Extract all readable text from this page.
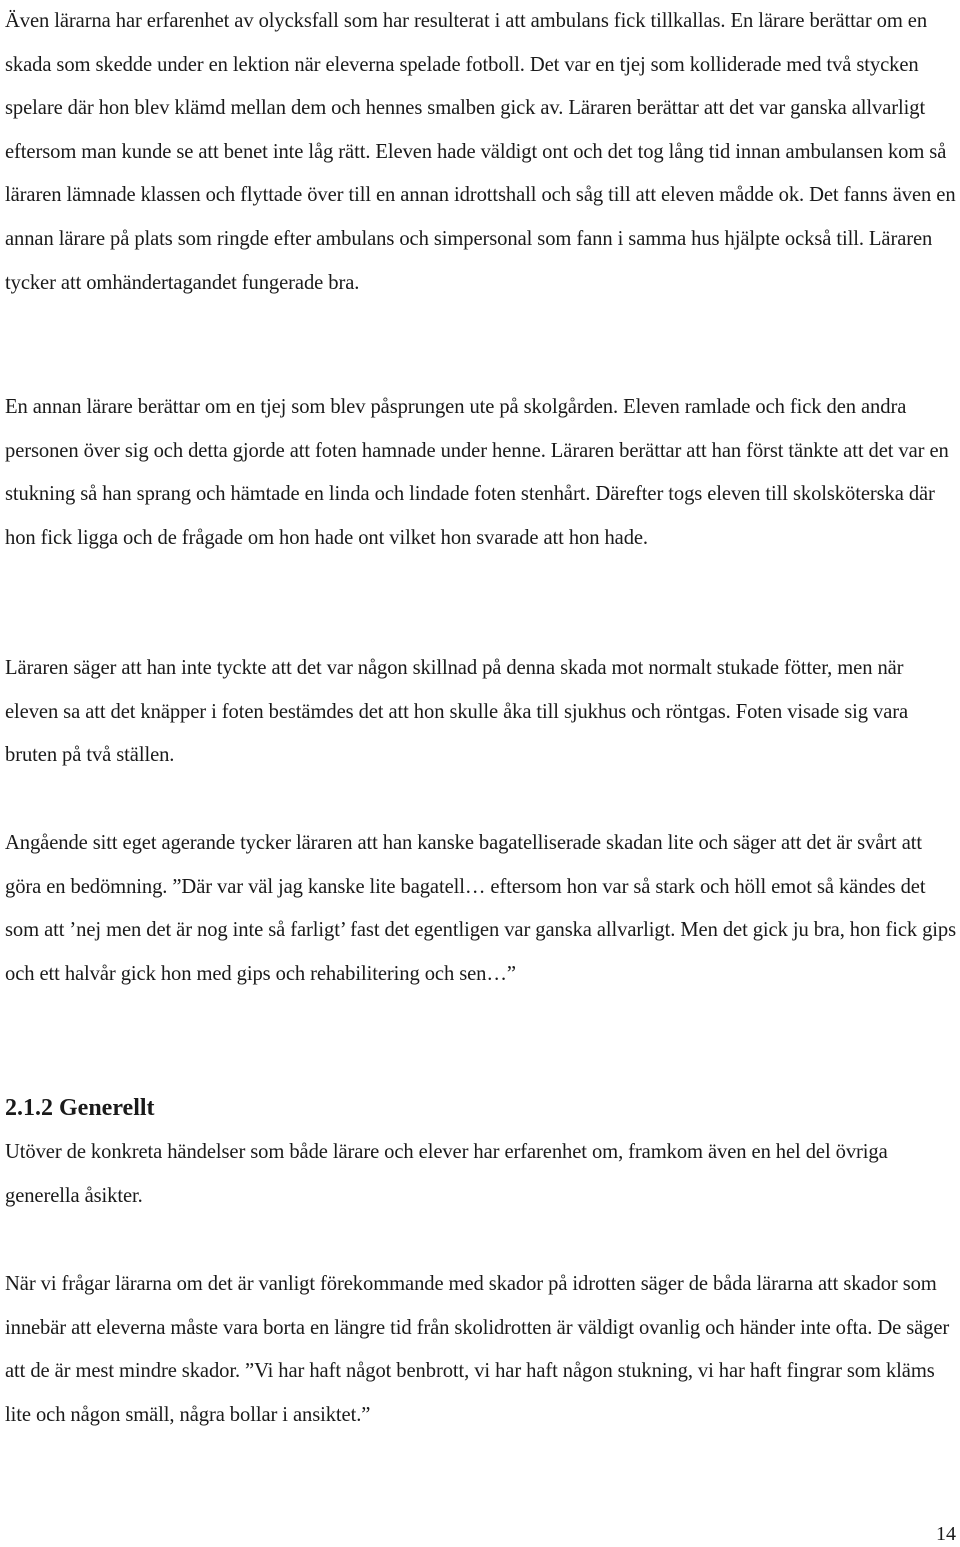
Även lärarna har erfarenhet av olycksfall som har resulterat i att ambulans fick tillkallas. En lärare berättar om en skada som skedde under en lektion när eleverna spelade fotboll. Det var en tjej som kolliderade med två stycken spelare där hon blev klämd mellan dem och hennes smalben gick av. Läraren berättar att det var ganska allvarligt eftersom man kunde se att benet inte låg rätt. Eleven hade väldigt ont och det tog lång tid innan ambulansen kom så läraren lämnade klassen och flyttade över till en annan idrottshall och såg till att eleven mådde ok. Det fanns även en annan lärare på plats som ringde efter ambulans och simpersonal som fann i samma hus hjälpte också till. Läraren tycker att omhändertagandet fungerade bra.

En annan lärare berättar om en tjej som blev påsprungen ute på skolgården. Eleven ramlade och fick den andra personen över sig och detta gjorde att foten hamnade under henne. Läraren berättar att han först tänkte att det var en stukning så han sprang och hämtade en linda och lindade foten stenhårt. Därefter togs eleven till skolsköterska där hon fick ligga och de frågade om hon hade ont vilket hon svarade att hon hade.

Läraren säger att han inte tyckte att det var någon skillnad på denna skada mot normalt stukade fötter, men när eleven sa att det knäpper i foten bestämdes det att hon skulle åka till sjukhus och röntgas. Foten visade sig vara bruten på två ställen.

Angående sitt eget agerande tycker läraren att han kanske bagatelliserade skadan lite och säger att det är svårt att göra en bedömning. ”Där var väl jag kanske lite bagatell… eftersom hon var så stark och höll emot så kändes det som att ’nej men det är nog inte så farligt’ fast det egentligen var ganska allvarligt. Men det gick ju bra, hon fick gips och ett halvår gick hon med gips och rehabilitering och sen…”

2.1.2 Generellt

Utöver de konkreta händelser som både lärare och elever har erfarenhet om, framkom även en hel del övriga generella åsikter.

När vi frågar lärarna om det är vanligt förekommande med skador på idrotten säger de båda lärarna att skador som innebär att eleverna måste vara borta en längre tid från skolidrotten är väldigt ovanlig och händer inte ofta. De säger att de är mest mindre skador. ”Vi har haft något benbrott, vi har haft någon stukning, vi har haft fingrar som kläms lite och någon smäll, några bollar i ansiktet.”

14
